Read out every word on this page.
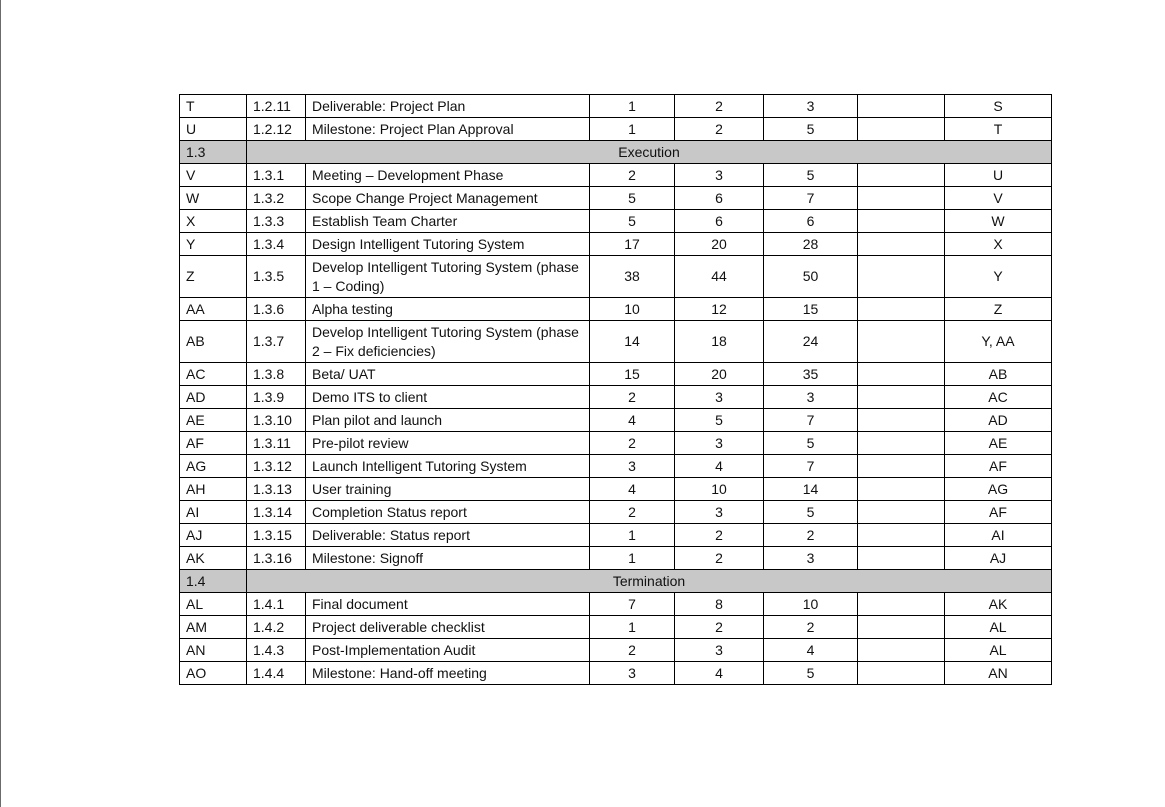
T	1.2.11	Deliverable: Project Plan	1	2	3		S
U	1.2.12	Milestone: Project Plan Approval	1	2	5		T
1.3	Execution						
V	1.3.1	Meeting – Development Phase	2	3	5		U
W	1.3.2	Scope Change Project Management	5	6	7		V
X	1.3.3	Establish Team Charter	5	6	6		W
Y	1.3.4	Design Intelligent Tutoring System	17	20	28		X
Z	1.3.5	Develop Intelligent Tutoring System (phase 1 – Coding)	38	44	50		Y
AA	1.3.6	Alpha testing	10	12	15		Z
AB	1.3.7	Develop Intelligent Tutoring System (phase 2 – Fix deficiencies)	14	18	24		Y, AA
AC	1.3.8	Beta/ UAT	15	20	35		AB
AD	1.3.9	Demo ITS to client	2	3	3		AC
AE	1.3.10	Plan pilot and launch	4	5	7		AD
AF	1.3.11	Pre-pilot review	2	3	5		AE
AG	1.3.12	Launch Intelligent Tutoring System	3	4	7		AF
AH	1.3.13	User training	4	10	14		AG
AI	1.3.14	Completion Status report	2	3	5		AF
AJ	1.3.15	Deliverable: Status report	1	2	2		AI
AK	1.3.16	Milestone: Signoff	1	2	3		AJ
1.4	Termination						
AL	1.4.1	Final document	7	8	10		AK
AM	1.4.2	Project deliverable checklist	1	2	2		AL
AN	1.4.3	Post-Implementation Audit	2	3	4		AL
AO	1.4.4	Milestone: Hand-off meeting	3	4	5		AN
